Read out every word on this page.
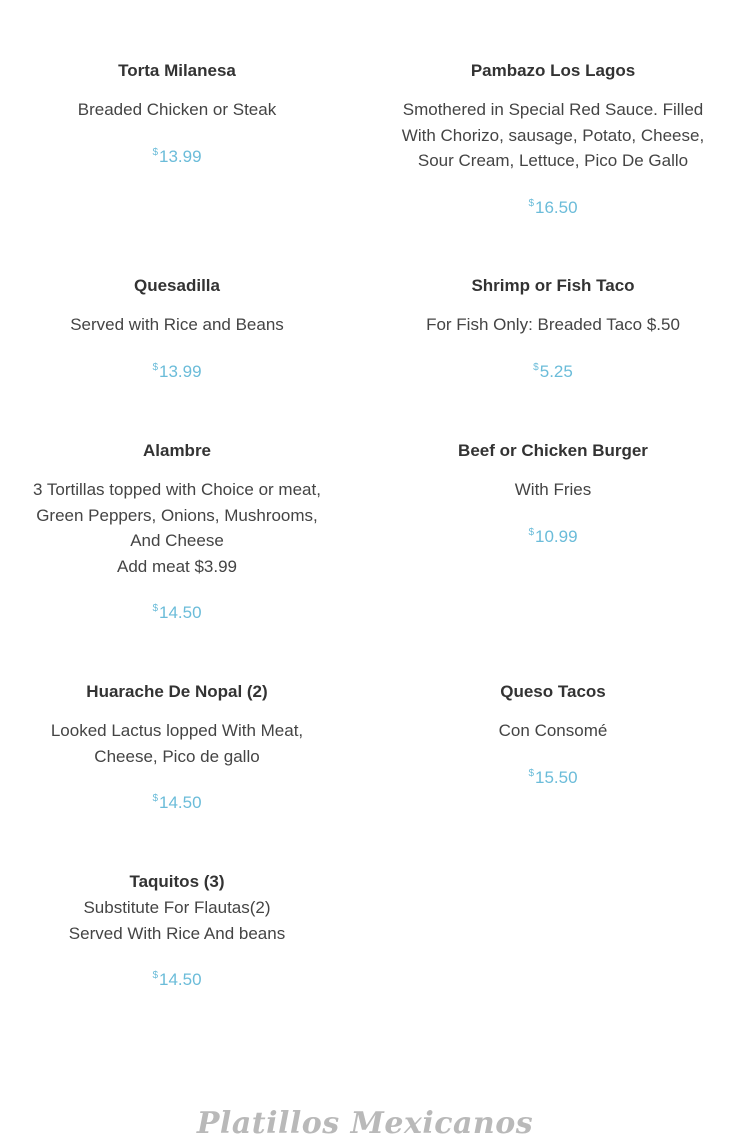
Torta Milanesa
Breaded Chicken or Steak
$13.99
Pambazo Los Lagos
Smothered in Special Red Sauce. Filled
With Chorizo, sausage, Potato, Cheese,
Sour Cream, Lettuce, Pico De Gallo
$16.50
Quesadilla
Served with Rice and Beans
$13.99
Shrimp or Fish Taco
For Fish Only: Breaded Taco $.50
$5.25
Alambre
3 Tortillas topped with Choice or meat,
Green Peppers, Onions, Mushrooms,
And Cheese
Add meat $3.99
$14.50
Beef or Chicken Burger
With Fries
$10.99
Huarache De Nopal (2)
Looked Lactus lopped With Meat,
Cheese, Pico de gallo
$14.50
Queso Tacos
Con Consomé
$15.50
Taquitos (3)
Substitute For Flautas(2)
Served With Rice And beans
$14.50
Platillos Mexicanos
